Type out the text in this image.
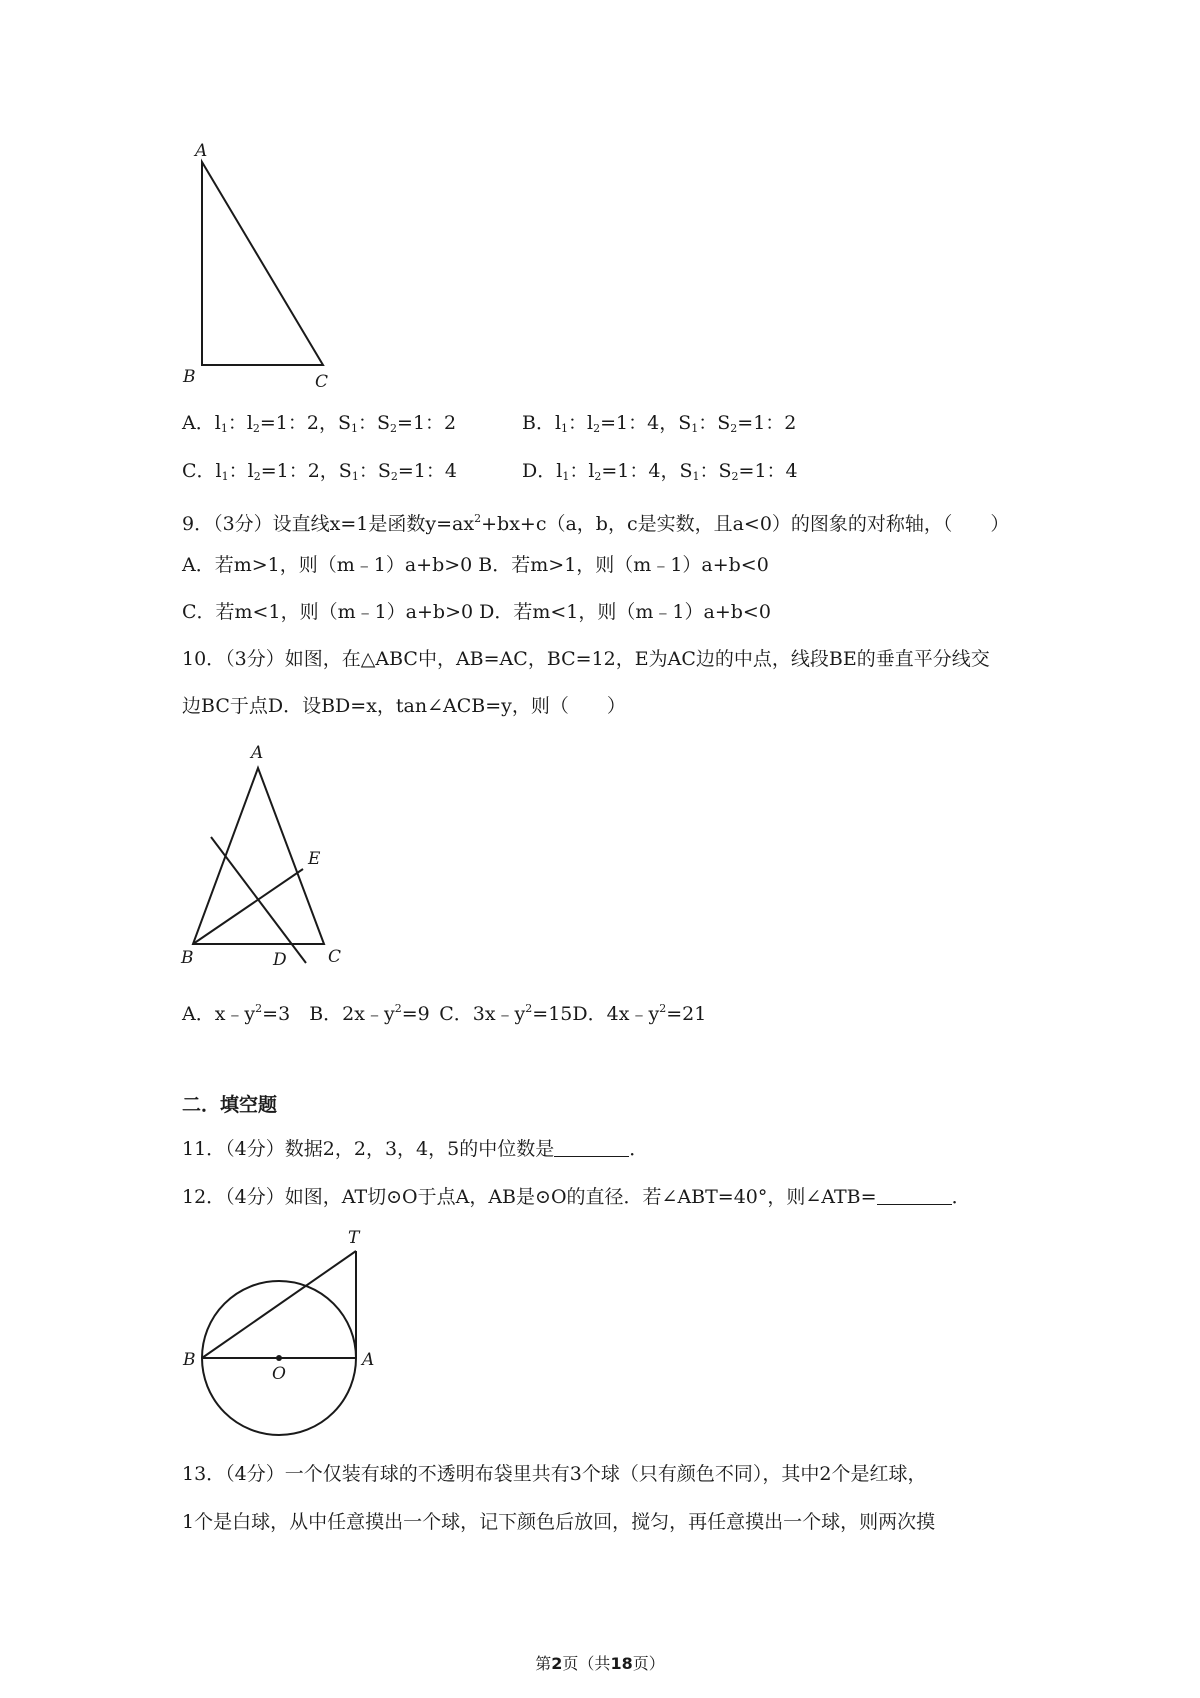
A
B	C
A．$l_1$：$l_2=1$：2，$S_1$：$S_2=1$：2	B．$l_1$：$l_2=1$：4，$S_1$：$S_2=1$：2
C．$l_1$：$l_2=1$：2，$S_1$：$S_2=1$：4	D．$l_1$：$l_2=1$：4，$S_1$：$S_2=1$：4
9．（3分）设直线x=1是函数$y=ax^2+bx+c(a$，b，c是实数，且a<0）的图象的对称轴，（　　）
A．若m>1，则（m﹣1）a+b>0 B．若m>1，则（m﹣1）a+b<0
C．若m<1，则（m﹣1）a+b>0 D．若m<1，则（m﹣1）a+b<0
10．（3分）如图，在△ABC中，AB=AC，BC=12，E为AC边的中点，线段BE的垂直平分线交
边BC于点D．设BD=x，tan∠ACB=y，则（　　）
A
E
B	D C
A．$x﹣y^2=3$  B．$2x﹣y^2=9$  C．$3x﹣y^2=15D$．$4x﹣y^2=21$
二．填空题
11．（4分）数据2，2，3，4，5的中位数是	．
12．（4分）如图，AT切⊙O于点A，AB是⊙O的直径．若∠ABT=40°，则∠ATB=	．
T
B
O
A
13．（4分）一个仅装有球的不透明布袋里共有3个球（只有颜色不同），其中2个是红球，
1个是白球，从中任意摸出一个球，记下颜色后放回，搅匀，再任意摸出一个球，则两次摸
第2页（共18页）
